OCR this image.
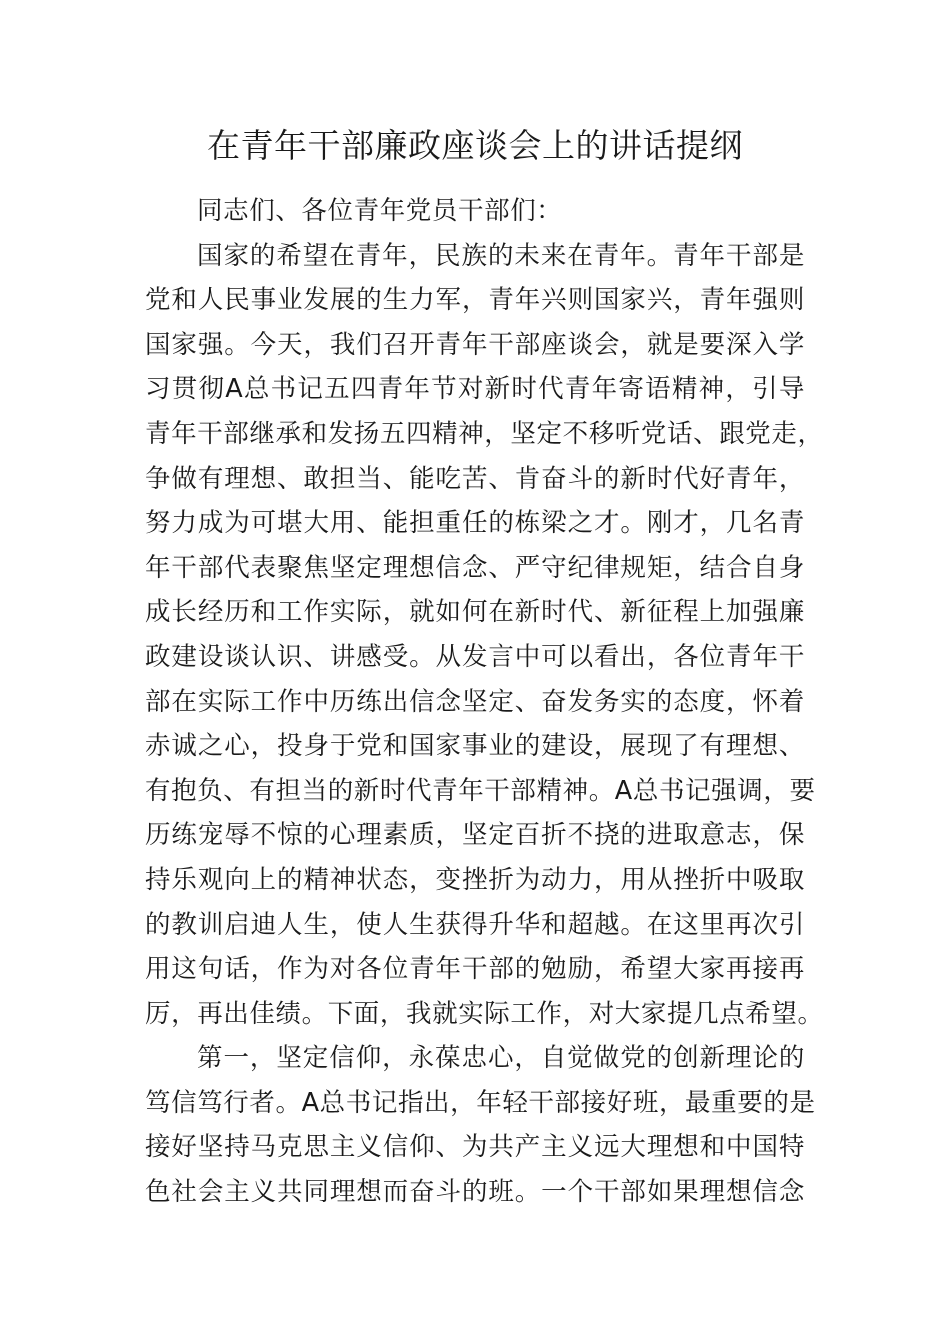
在青年干部廉政座谈会上的讲话提纲
同志们、各位青年党员干部们：
国家的希望在青年，民族的未来在青年。青年干部是
党和人民事业发展的生力军，青年兴则国家兴，青年强则
国家强。今天，我们召开青年干部座谈会，就是要深入学
习贯彻A总书记五四青年节对新时代青年寄语精神，引导
青年干部继承和发扬五四精神，坚定不移听党话、跟党走，
争做有理想、敢担当、能吃苦、肯奋斗的新时代好青年，
努力成为可堪大用、能担重任的栋梁之才。刚才，几名青
年干部代表聚焦坚定理想信念、严守纪律规矩，结合自身
成长经历和工作实际，就如何在新时代、新征程上加强廉
政建设谈认识、讲感受。从发言中可以看出，各位青年干
部在实际工作中历练出信念坚定、奋发务实的态度，怀着
赤诚之心，投身于党和国家事业的建设，展现了有理想、
有抱负、有担当的新时代青年干部精神。A总书记强调，要
历练宠辱不惊的心理素质，坚定百折不挠的进取意志，保
持乐观向上的精神状态，变挫折为动力，用从挫折中吸取
的教训启迪人生，使人生获得升华和超越。在这里再次引
用这句话，作为对各位青年干部的勉励，希望大家再接再
厉，再出佳绩。下面，我就实际工作，对大家提几点希望。
第一，坚定信仰，永葆忠心，自觉做党的创新理论的
笃信笃行者。A总书记指出，年轻干部接好班，最重要的是
接好坚持马克思主义信仰、为共产主义远大理想和中国特
色社会主义共同理想而奋斗的班。一个干部如果理想信念
